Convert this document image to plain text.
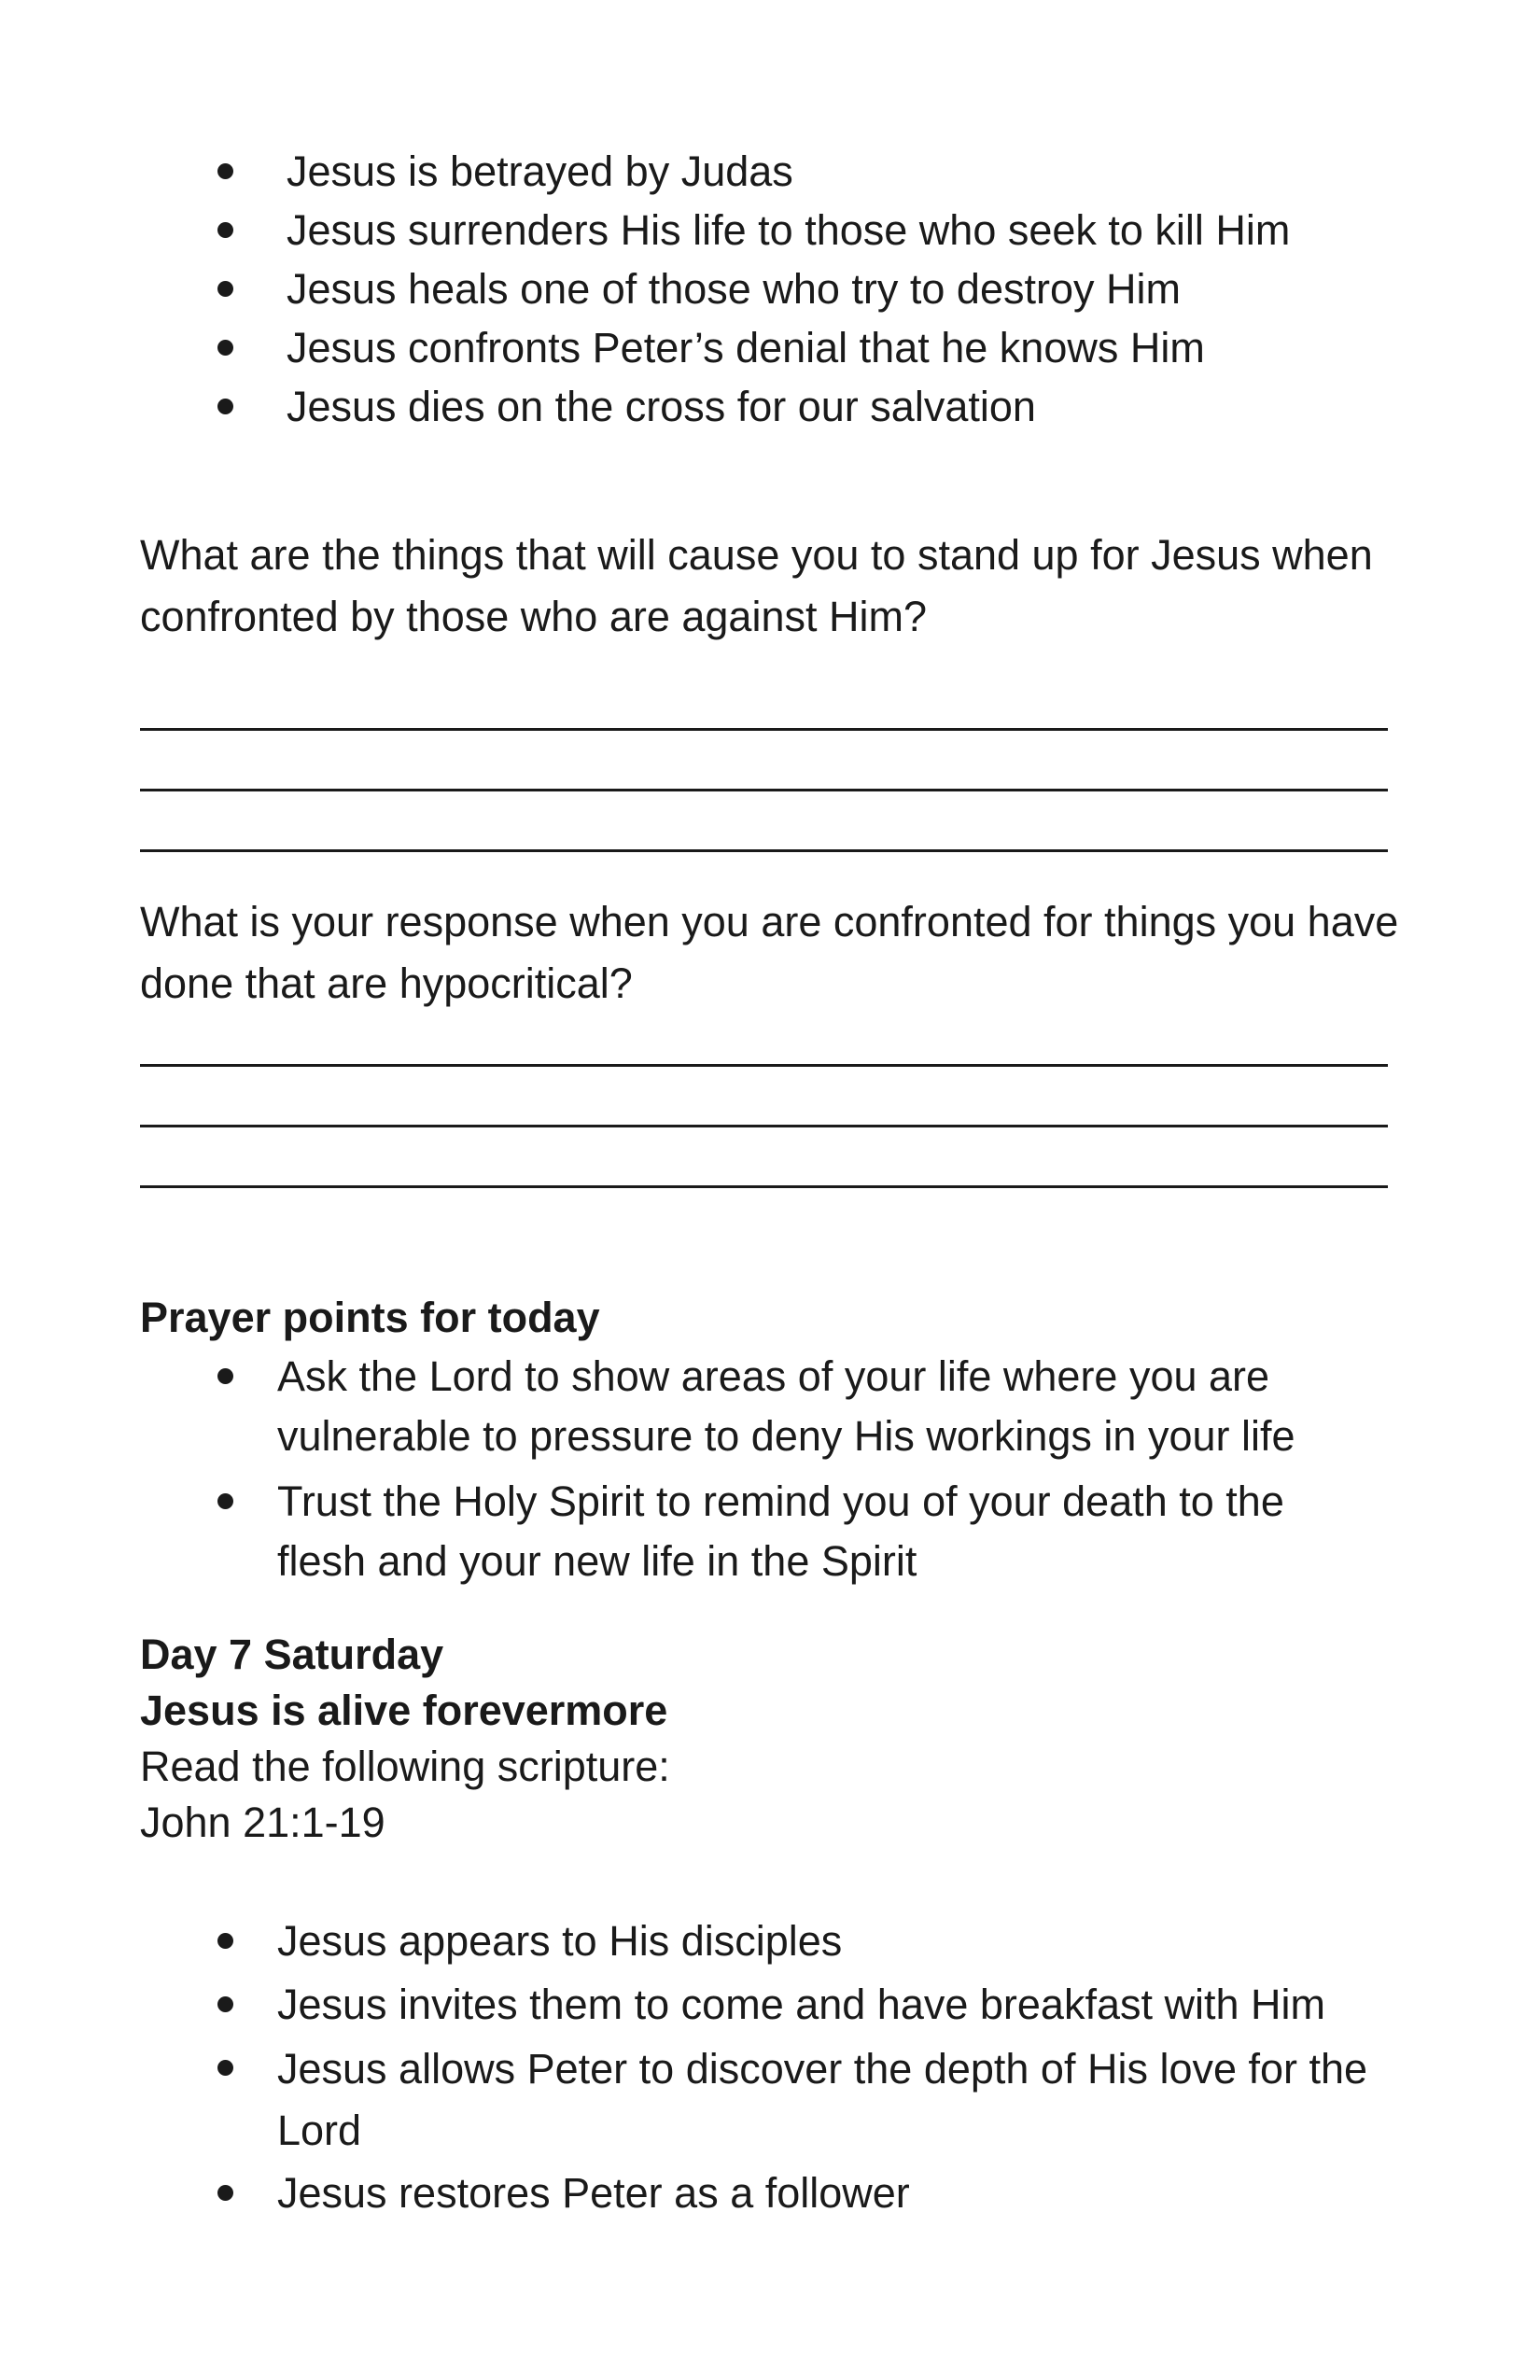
Jesus is betrayed by Judas
Jesus surrenders His life to those who seek to kill Him
Jesus heals one of those who try to destroy Him
Jesus confronts Peter’s denial that he knows Him
Jesus dies on the cross for our salvation

What are the things that will cause you to stand up for Jesus when confronted by those who are against Him?

What is your response when you are confronted for things you have done that are hypocritical?

Prayer points for today

Ask the Lord to show areas of your life where you are vulnerable to pressure to deny His workings in your life

Trust the Holy Spirit to remind you of your death to the flesh and your new life in the Spirit

Day 7 Saturday
Jesus is alive forevermore
Read the following scripture:
John 21:1-19
Jesus appears to His disciples
Jesus invites them to come and have breakfast with Him

Jesus allows Peter to discover the depth of His love for the Lord

Jesus restores Peter as a follower
